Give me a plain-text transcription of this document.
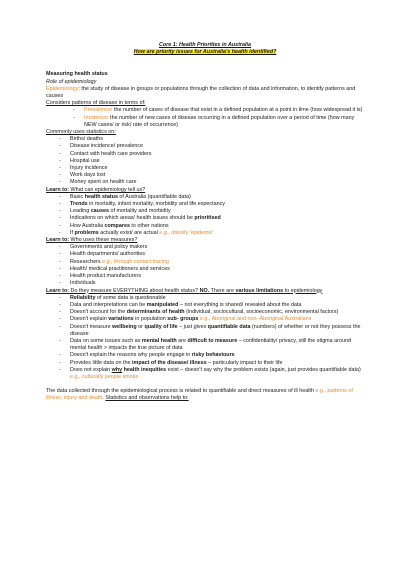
Core 1: Health Priorities in Australia

How are priority issues for Australia's health identified?

Measuring health status

Role of epidemiology

Epidemiology: the study of disease in groups or populations through the collection of data and information, to identify patterns and causes

Considers patterns of disease in terms of:

- Prevalence: the number of cases of disease that exist in a defined population at a point in time (how widespread it is)
- Incidence: the number of new cases of disease occurring in a defined population over a period of time (how many NEW cases/ or risk/ rate of occurrence)

Commonly uses statistics on:

- Births/ deaths
- Disease incidence/ prevalence
- Contact with health care providers
- Hospital use
- Injury incidence
- Work days lost
- Money spent on health care

Learn to: What can epidemiology tell us?

- Basic health status of Australia (quantifiable data)
- Trends in mortality, infant mortality, morbidity and life expectancy
- Leading causes of mortality and morbidity
- Indications on which areas/ health issues should be prioritised
- How Australia compares to other nations
- If problems actually exist/ are actual e.g., obesity 'epidemic'

Learn to: Who uses these measures?

- Governments and policy makers
- Health departments/ authorities
- Researchers e.g., through contact tracing
- Health/ medical practitioners and services
- Health product manufacturers
- Individuals

Learn to: Do they measure EVERYTHING about health status? NO. There are various limitations to epidemiology

- Reliability of some data is questionable
- Data and interpretations can be manipulated – not everything is shared/ revealed about the data
- Doesn't account for the determinants of health (individual, sociocultural, socioeconomic, environmental factors)
- Doesn't explain variations in population sub- groups e.g., Aboriginal and non- Aboriginal Australians
- Doesn't measure wellbeing or quality of life – just gives quantifiable data (numbers) of whether or not they possess the disease
- Data on some issues such as mental health are difficult to measure – confidentiality/ privacy, still the stigma around mental health > impacts the true picture of data
- Doesn't explain the reasons why people engage in risky behaviours
- Provides little data on the impact of the disease/ illness – particularly impact to their life
- Does not explain why health inequities exist – doesn't say why the problem exists (again, just provides quantifiable data) e.g., culturally people smoke

The data collected through the epidemiological process is related to quantifiable and direct measures of ill health e.g., patterns of illness, injury and death. Statistics and observations help to:
